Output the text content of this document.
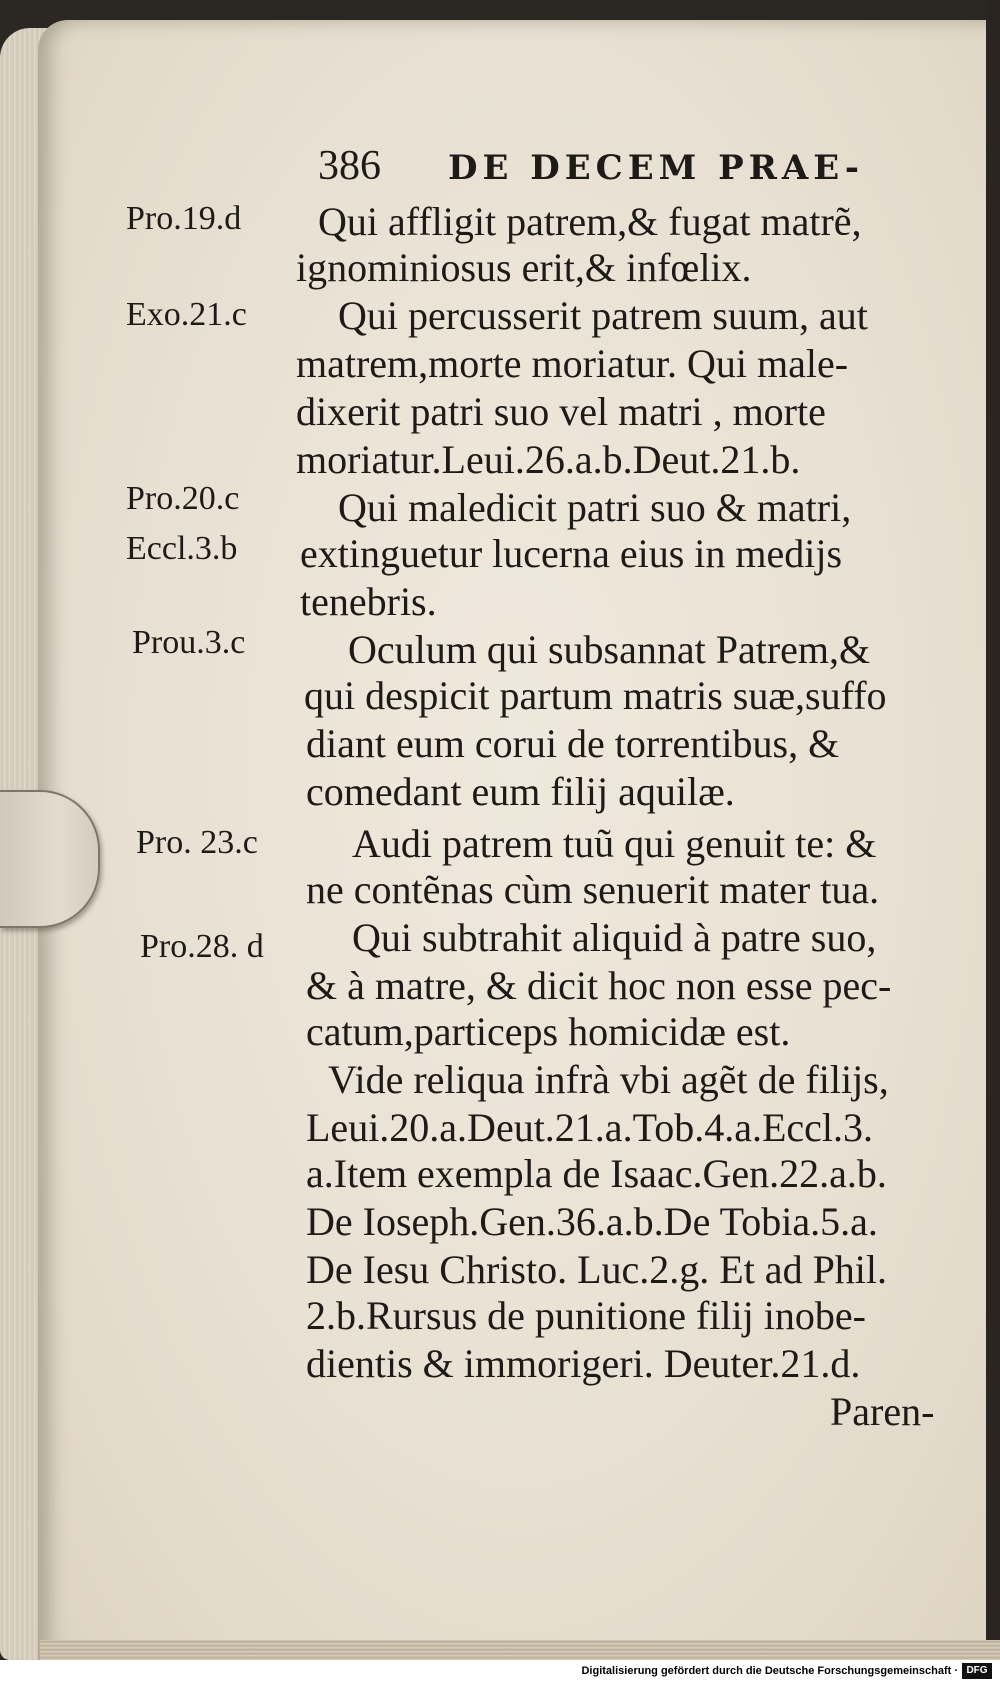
386 DE DECEM PRAE-
Pro.19.d
Exo.21.c
Pro.20.c
Eccl.3.b
Prou.3.c
Pro. 23.c
Pro.28. d
Qui affligit patrem,& fugat matrẽ,
ignominiosus erit,& infœlix.
Qui percusserit patrem suum, aut
matrem,morte moriatur. Qui male-
dixerit patri suo vel matri , morte
moriatur.Leui.26.a.b.Deut.21.b.
Qui maledicit patri suo & matri,
extinguetur lucerna eius in medijs
tenebris.
Oculum qui subsannat Patrem,&
qui despicit partum matris suæ,suffo
diant eum corui de torrentibus, &
comedant eum filij aquilæ.
Audi patrem tuũ qui genuit te: &
ne contẽnas cùm senuerit mater tua.
Qui subtrahit aliquid à patre suo,
& à matre, & dicit hoc non esse pec-
catum,particeps homicidæ est.
Vide reliqua infrà vbi agẽt de filijs,
Leui.20.a.Deut.21.a.Tob.4.a.Eccl.3.
a.Item exempla de Isaac.Gen.22.a.b.
De Ioseph.Gen.36.a.b.De Tobia.5.a.
De Iesu Christo. Luc.2.g. Et ad Phil.
2.b.Rursus de punitione filij inobe-
dientis & immorigeri. Deuter.21.d.
Paren-
Digitalisierung gefördert durch die Deutsche Forschungsgemeinschaft · DFG
